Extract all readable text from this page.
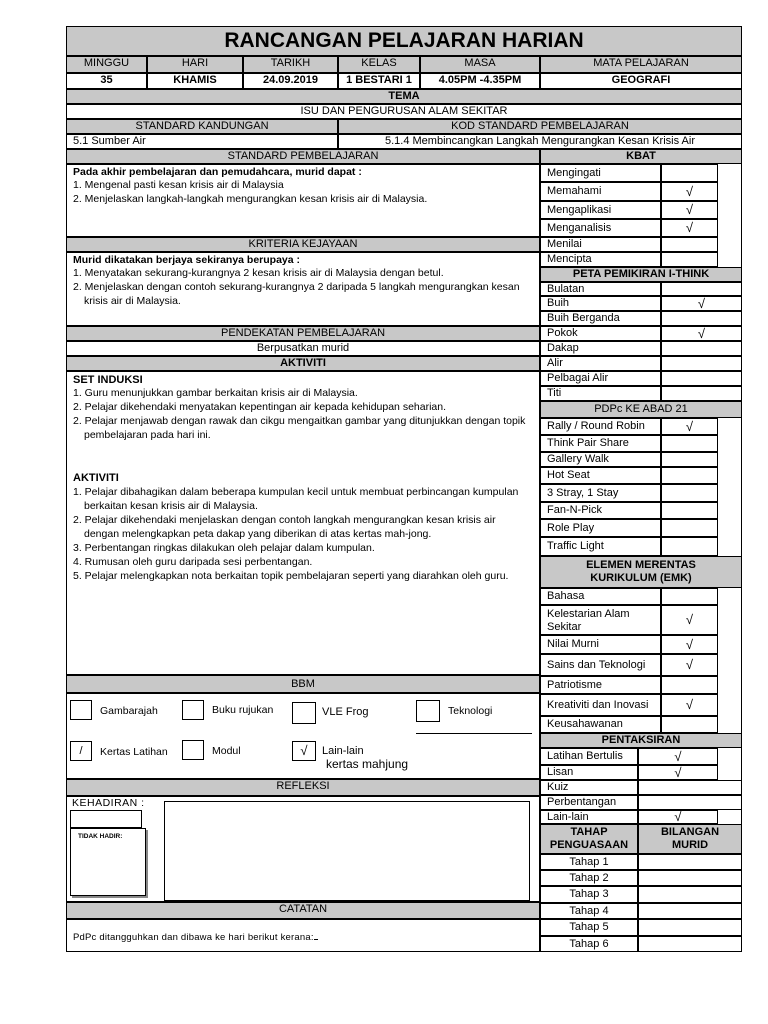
RANCANGAN PELAJARAN HARIAN
MINGGU	HARI	TARIKH	KELAS	MASA	MATA PELAJARAN
35	KHAMIS	24.09.2019	1 BESTARI 1	4.05PM -4.35PM	GEOGRAFI
TEMA
ISU DAN PENGURUSAN ALAM SEKITAR
STANDARD KANDUNGAN	KOD STANDARD PEMBELAJARAN
5.1 Sumber Air	5.1.4 Membincangkan Langkah Mengurangkan Kesan Krisis Air
STANDARD PEMBELAJARAN
Pada akhir pembelajaran dan pemudahcara, murid dapat :
1. Mengenal pasti kesan krisis air di Malaysia
2. Menjelaskan langkah-langkah mengurangkan kesan krisis air di Malaysia.
KRITERIA KEJAYAAN
Murid dikatakan berjaya sekiranya berupaya :
1. Menyatakan sekurang-kurangnya 2 kesan krisis air di Malaysia dengan betul.
2. Menjelaskan dengan contoh sekurang-kurangnya 2 daripada 5 langkah mengurangkan kesan
krisis air di Malaysia.
PENDEKATAN PEMBELAJARAN
Berpusatkan murid
AKTIVITI
SET INDUKSI
1. Guru menunjukkan gambar berkaitan krisis air di Malaysia.
2. Pelajar dikehendaki menyatakan kepentingan air kepada kehidupan seharian.
2. Pelajar menjawab dengan rawak dan cikgu mengaitkan gambar yang ditunjukkan dengan topik
pembelajaran pada hari ini.
AKTIVITI
1. Pelajar dibahagikan dalam beberapa kumpulan kecil untuk membuat perbincangan kumpulan
berkaitan kesan krisis air di Malaysia.
2. Pelajar dikehendaki menjelaskan dengan contoh langkah mengurangkan kesan krisis air
dengan melengkapkan peta dakap yang diberikan di atas kertas mah-jong.
3. Perbentangan ringkas dilakukan oleh pelajar dalam kumpulan.
4. Rumusan oleh guru daripada sesi perbentangan.
5. Pelajar melengkapkan nota berkaitan topik pembelajaran seperti yang diarahkan oleh guru.
BBM
Gambarajah	Buku rujukan	VLE Frog	Teknologi
/	Kertas Latihan	Modul	√	Lain-lain
kertas mahjung
REFLEKSI
KEHADIRAN :
TIDAK HADIR:
CATATAN
PdPc ditangguhkan dan dibawa ke hari berikut kerana:
KBAT
Mengingati
Memahami	√
Mengaplikasi	√
Menganalisis	√
Menilai
Mencipta
PETA PEMIKIRAN I-THINK
Bulatan
Buih	√
Buih Berganda
Pokok	√
Dakap
Alir
Pelbagai Alir
Titi
PDPc KE ABAD 21
Rally / Round Robin	√
Think Pair Share
Gallery Walk
Hot Seat
3 Stray, 1 Stay
Fan-N-Pick
Role Play
Traffic Light
ELEMEN MERENTAS
KURIKULUM (EMK)
Bahasa
Kelestarian Alam
Sekitar	√
Nilai Murni	√
Sains dan Teknologi	√
Patriotisme
Kreativiti dan Inovasi	√
Keusahawanan
PENTAKSIRAN
Latihan Bertulis	√
Lisan	√
Kuiz
Perbentangan
Lain-lain	√
TAHAP
PENGUASAAN
BILANGAN
MURID
Tahap 1
Tahap 2
Tahap 3
Tahap 4
Tahap 5
Tahap 6
